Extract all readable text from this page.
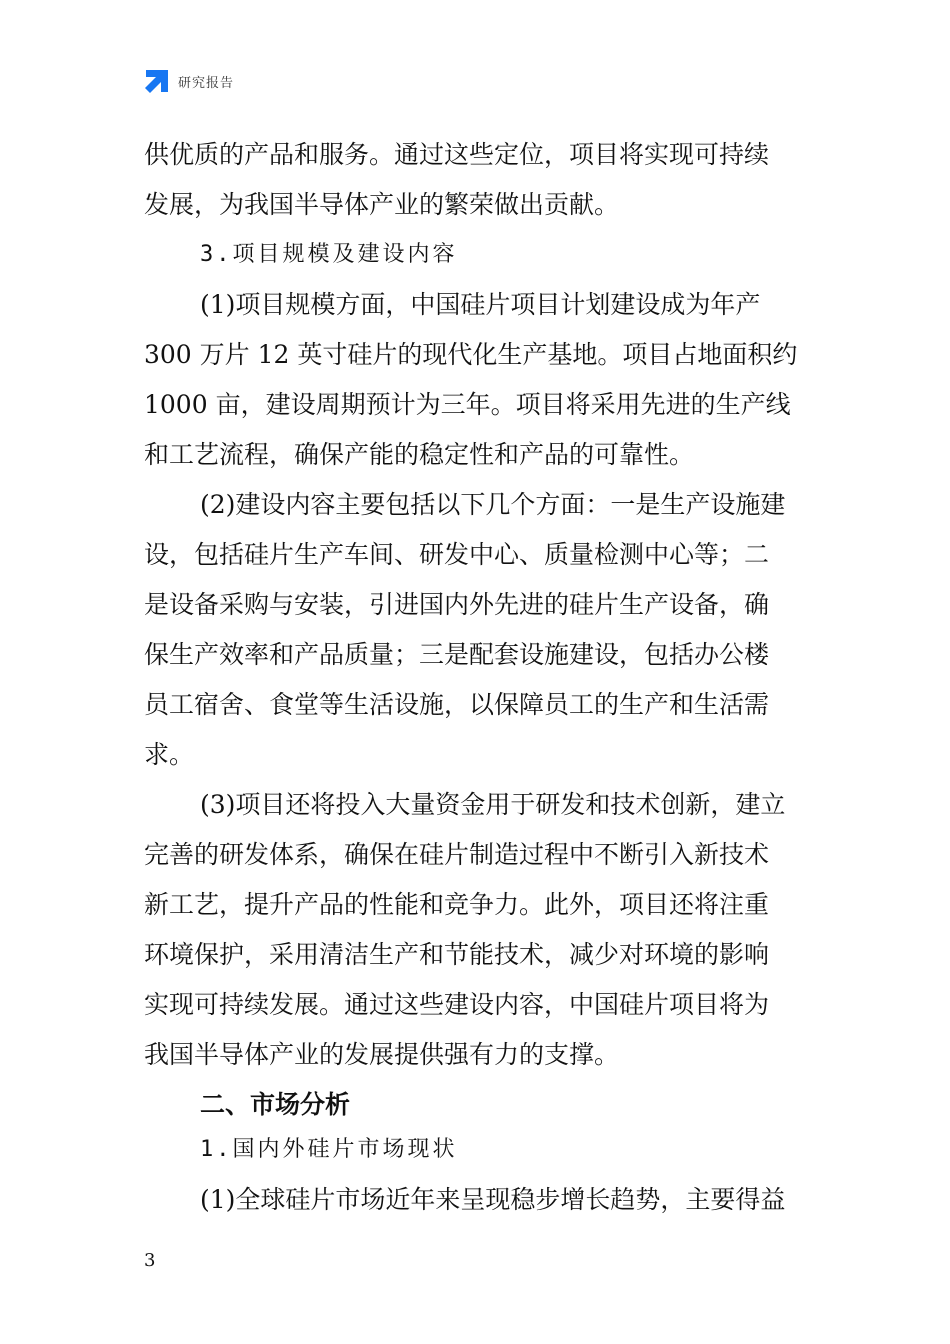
研究报告
供优质的产品和服务。通过这些定位，项目将实现可持续
发展，为我国半导体产业的繁荣做出贡献。
3.项目规模及建设内容
(1)项目规模方面，中国硅片项目计划建设成为年产
300 万片 12 英寸硅片的现代化生产基地。项目占地面积约
1000 亩，建设周期预计为三年。项目将采用先进的生产线
和工艺流程，确保产能的稳定性和产品的可靠性。
(2)建设内容主要包括以下几个方面：一是生产设施建
设，包括硅片生产车间、研发中心、质量检测中心等；二
是设备采购与安装，引进国内外先进的硅片生产设备，确
保生产效率和产品质量；三是配套设施建设，包括办公楼
员工宿舍、食堂等生活设施，以保障员工的生产和生活需
求。
(3)项目还将投入大量资金用于研发和技术创新，建立
完善的研发体系，确保在硅片制造过程中不断引入新技术
新工艺，提升产品的性能和竞争力。此外，项目还将注重
环境保护，采用清洁生产和节能技术，减少对环境的影响
实现可持续发展。通过这些建设内容，中国硅片项目将为
我国半导体产业的发展提供强有力的支撑。
二、市场分析
1.国内外硅片市场现状
(1)全球硅片市场近年来呈现稳步增长趋势，主要得益
3
